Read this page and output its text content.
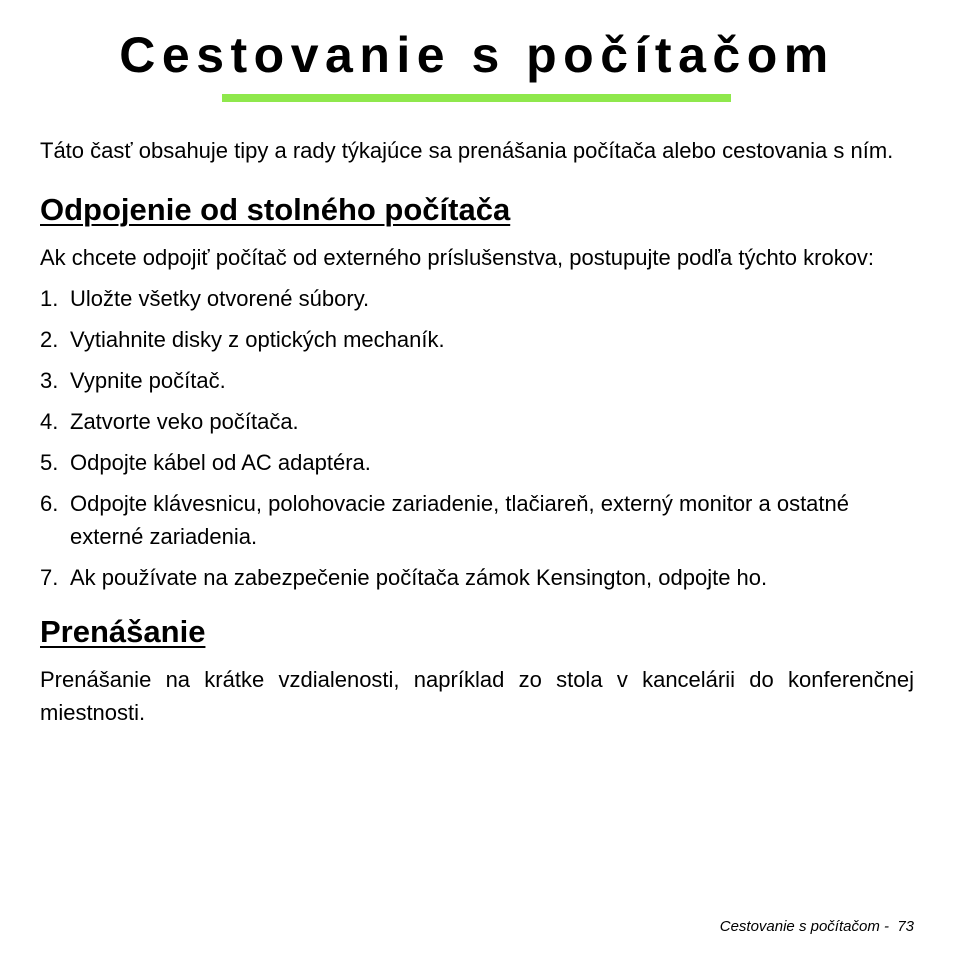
Cestovanie s počítačom

Táto časť obsahuje tipy a rady týkajúce sa prenášania počítača alebo cestovania s ním.

Odpojenie od stolného počítača

Ak chcete odpojiť počítač od externého príslušenstva, postupujte podľa týchto krokov:

1. Uložte všetky otvorené súbory.
2. Vytiahnite disky z optických mechaník.
3. Vypnite počítač.
4. Zatvorte veko počítača.
5. Odpojte kábel od AC adaptéra.
6. Odpojte klávesnicu, polohovacie zariadenie, tlačiareň, externý monitor a ostatné externé zariadenia.
7. Ak používate na zabezpečenie počítača zámok Kensington, odpojte ho.
Prenášanie

Prenášanie na krátke vzdialenosti, napríklad zo stola v kancelárii do konferenčnej miestnosti.

Cestovanie s počítačom -  73
